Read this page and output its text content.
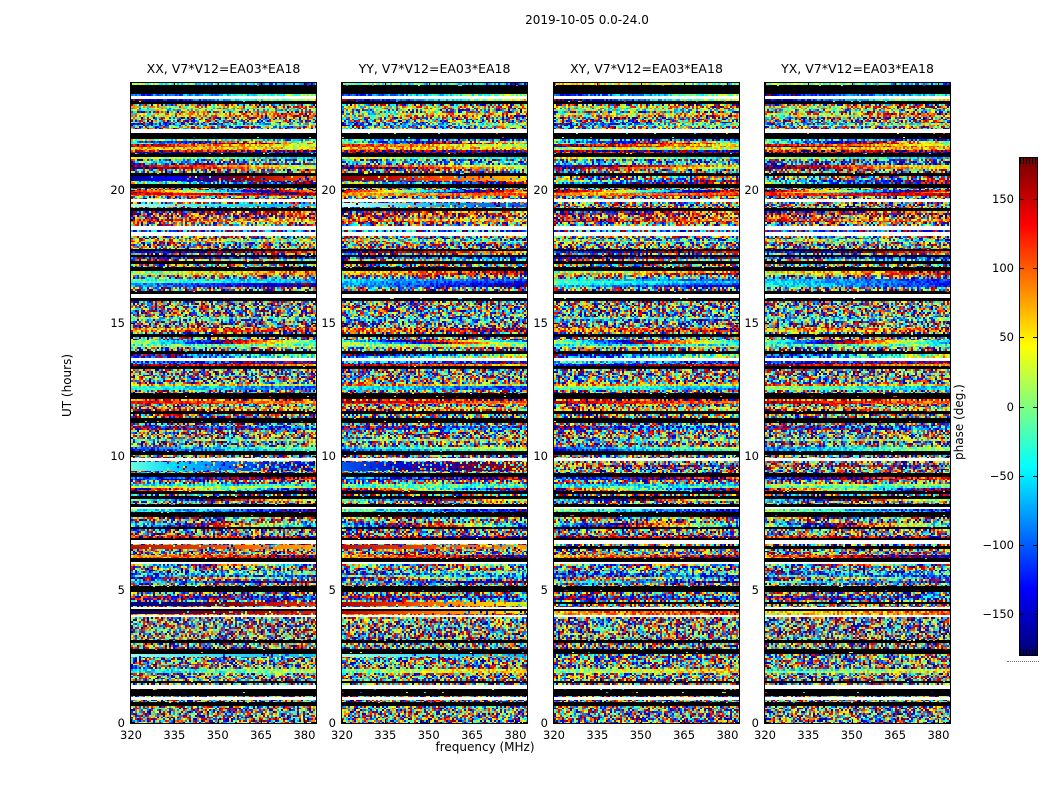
2019-10-05 0.0-24.0
XX, V7*V12=EA03*EA18	YY, V7*V12=EA03*EA18	XY, V7*V12=EA03*EA18	YX, V7*V12=EA03*EA18
frequency (MHz)
UT (hours)	phase (deg.)
320 335 350 365 380
0
5
10
15
20
320 335 350 365 380
0
5
10
15
20
320 335 350 365 380
0
5
10
15
20
320 335 350 365 380
0
5
10
15
20
150
100
50
0
−50
−100
−150
